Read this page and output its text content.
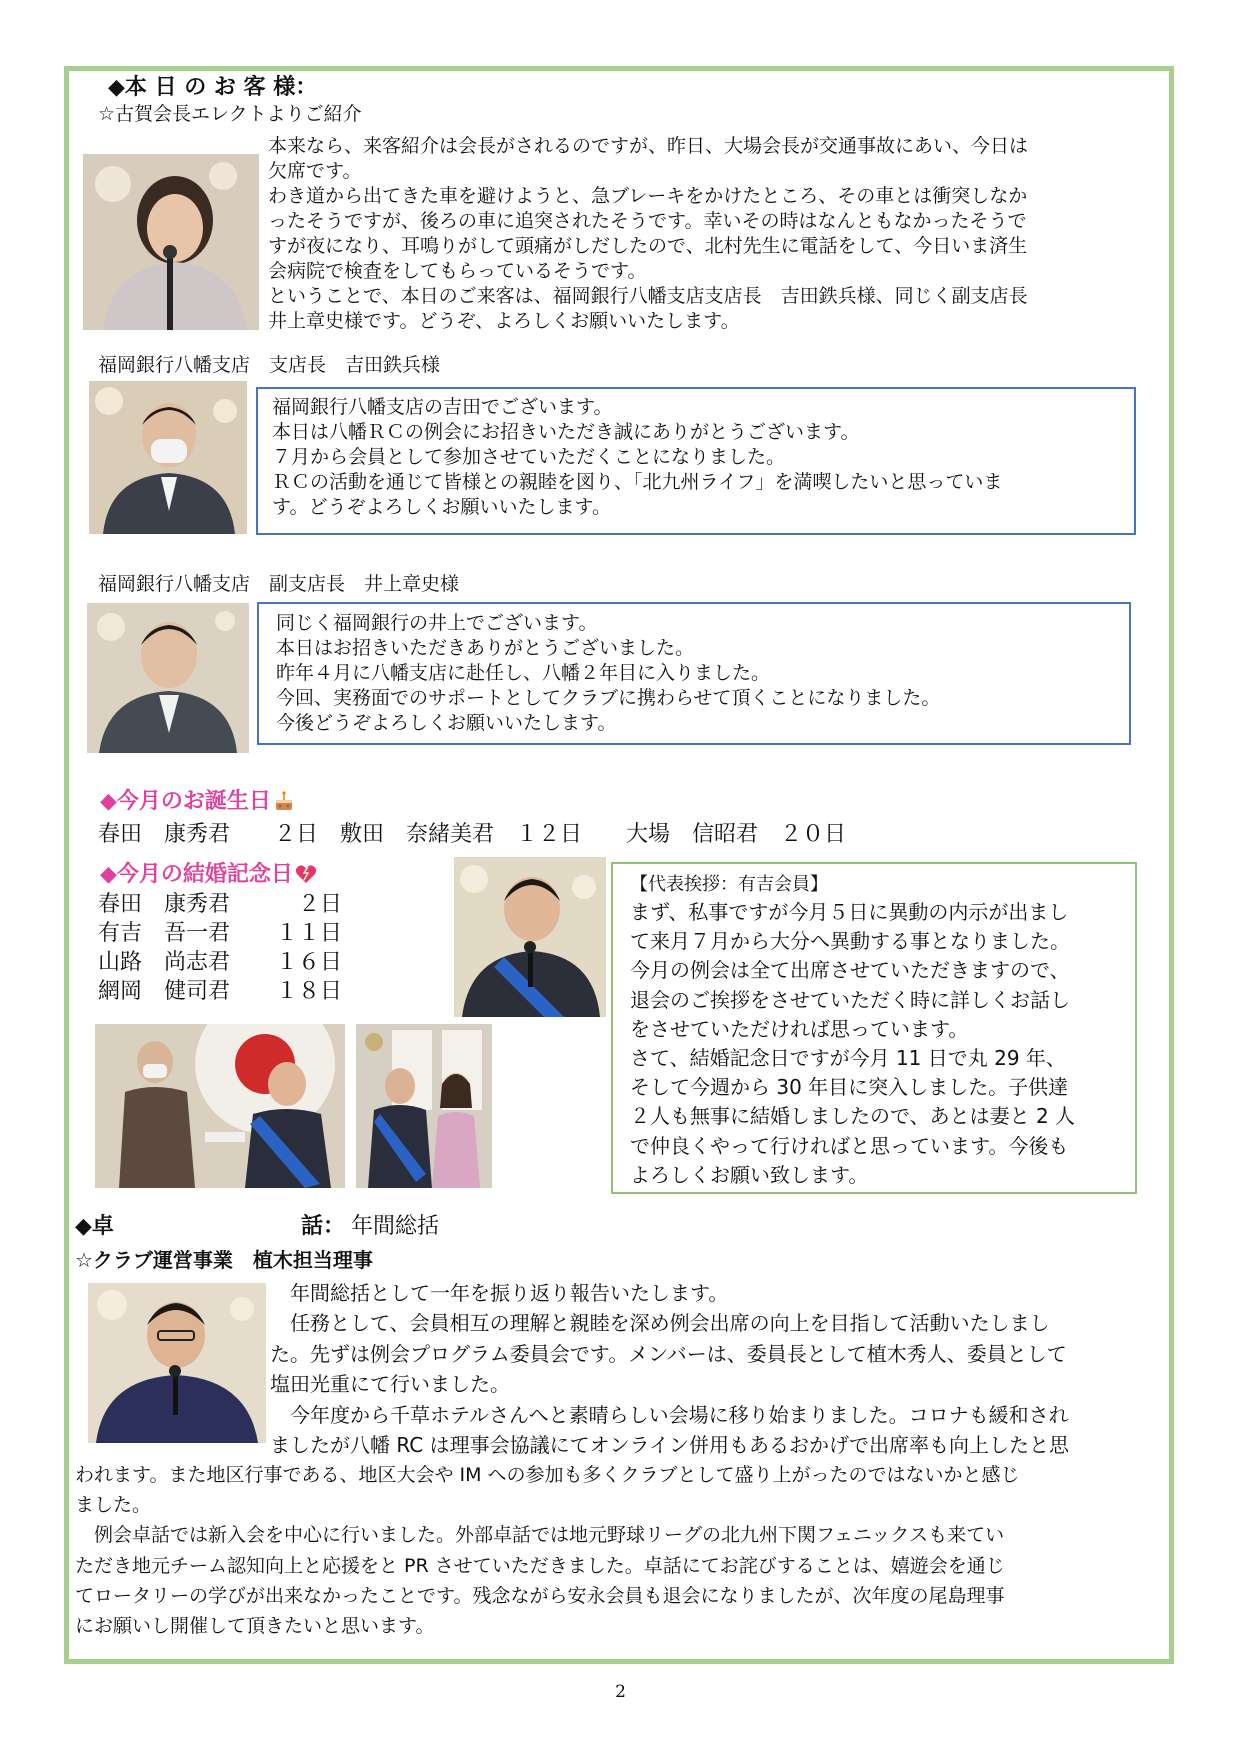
◆本 日 の お 客 様：
☆古賀会長エレクトよりご紹介
本来なら、来客紹介は会長がされるのですが、昨日、大場会長が交通事故にあい、今日は
欠席です。
わき道から出てきた車を避けようと、急ブレーキをかけたところ、その車とは衝突しなか
ったそうですが、後ろの車に追突されたそうです。幸いその時はなんともなかったそうで
すが夜になり、耳鳴りがして頭痛がしだしたので、北村先生に電話をして、今日いま済生
会病院で検査をしてもらっているそうです。
ということで、本日のご来客は、福岡銀行八幡支店支店長　吉田鉄兵様、同じく副支店長
井上章史様です。どうぞ、よろしくお願いいたします。
福岡銀行八幡支店　支店長　吉田鉄兵様
福岡銀行八幡支店の吉田でございます。
本日は八幡ＲＣの例会にお招きいただき誠にありがとうございます。
７月から会員として参加させていただくことになりました。
ＲＣの活動を通じて皆様との親睦を図り、「北九州ライフ」を満喫したいと思っていま
す。どうぞよろしくお願いいたします。
福岡銀行八幡支店　副支店長　井上章史様
同じく福岡銀行の井上でございます。
本日はお招きいただきありがとうございました。
昨年４月に八幡支店に赴任し、八幡２年目に入りました。
今回、実務面でのサポートとしてクラブに携わらせて頂くことになりました。
今後どうぞよろしくお願いいたします。
◆今月のお誕生日
春田　康秀君　　２日　敷田　奈緒美君　１２日　　大場　信昭君　２０日
◆今月の結婚記念日
春田　康秀君	２日
有吉　吾一君 １１日
山路　尚志君 １６日
網岡　健司君 １８日
【代表挨拶：有吉会員】
まず、私事ですが今月５日に異動の内示が出まし
て来月７月から大分へ異動する事となりました。
今月の例会は全て出席させていただきますので、
退会のご挨拶をさせていただく時に詳しくお話し
をさせていただければ思っています。
さて、結婚記念日ですが今月 11 日で丸 29 年、
そして今週から 30 年目に突入しました。子供達
２人も無事に結婚しましたので、あとは妻と 2 人
で仲良くやって行ければと思っています。今後も
よろしくお願い致します。
◆卓	話： 年間総括
☆クラブ運営事業　植木担当理事
　年間総括として一年を振り返り報告いたします。
　任務として、会員相互の理解と親睦を深め例会出席の向上を目指して活動いたしまし
た。先ずは例会プログラム委員会です。メンバーは、委員長として植木秀人、委員として
塩田光重にて行いました。
　今年度から千草ホテルさんへと素晴らしい会場に移り始まりました。コロナも緩和され
ましたが八幡 RC は理事会協議にてオンライン併用もあるおかげで出席率も向上したと思
われます。また地区行事である、地区大会や IM への参加も多くクラブとして盛り上がったのではないかと感じ
ました。
　例会卓話では新入会を中心に行いました。外部卓話では地元野球リーグの北九州下関フェニックスも来てい
ただき地元チーム認知向上と応援をと PR させていただきました。卓話にてお詫びすることは、嬉遊会を通じ
てロータリーの学びが出来なかったことです。残念ながら安永会員も退会になりましたが、次年度の尾島理事
にお願いし開催して頂きたいと思います。
2
